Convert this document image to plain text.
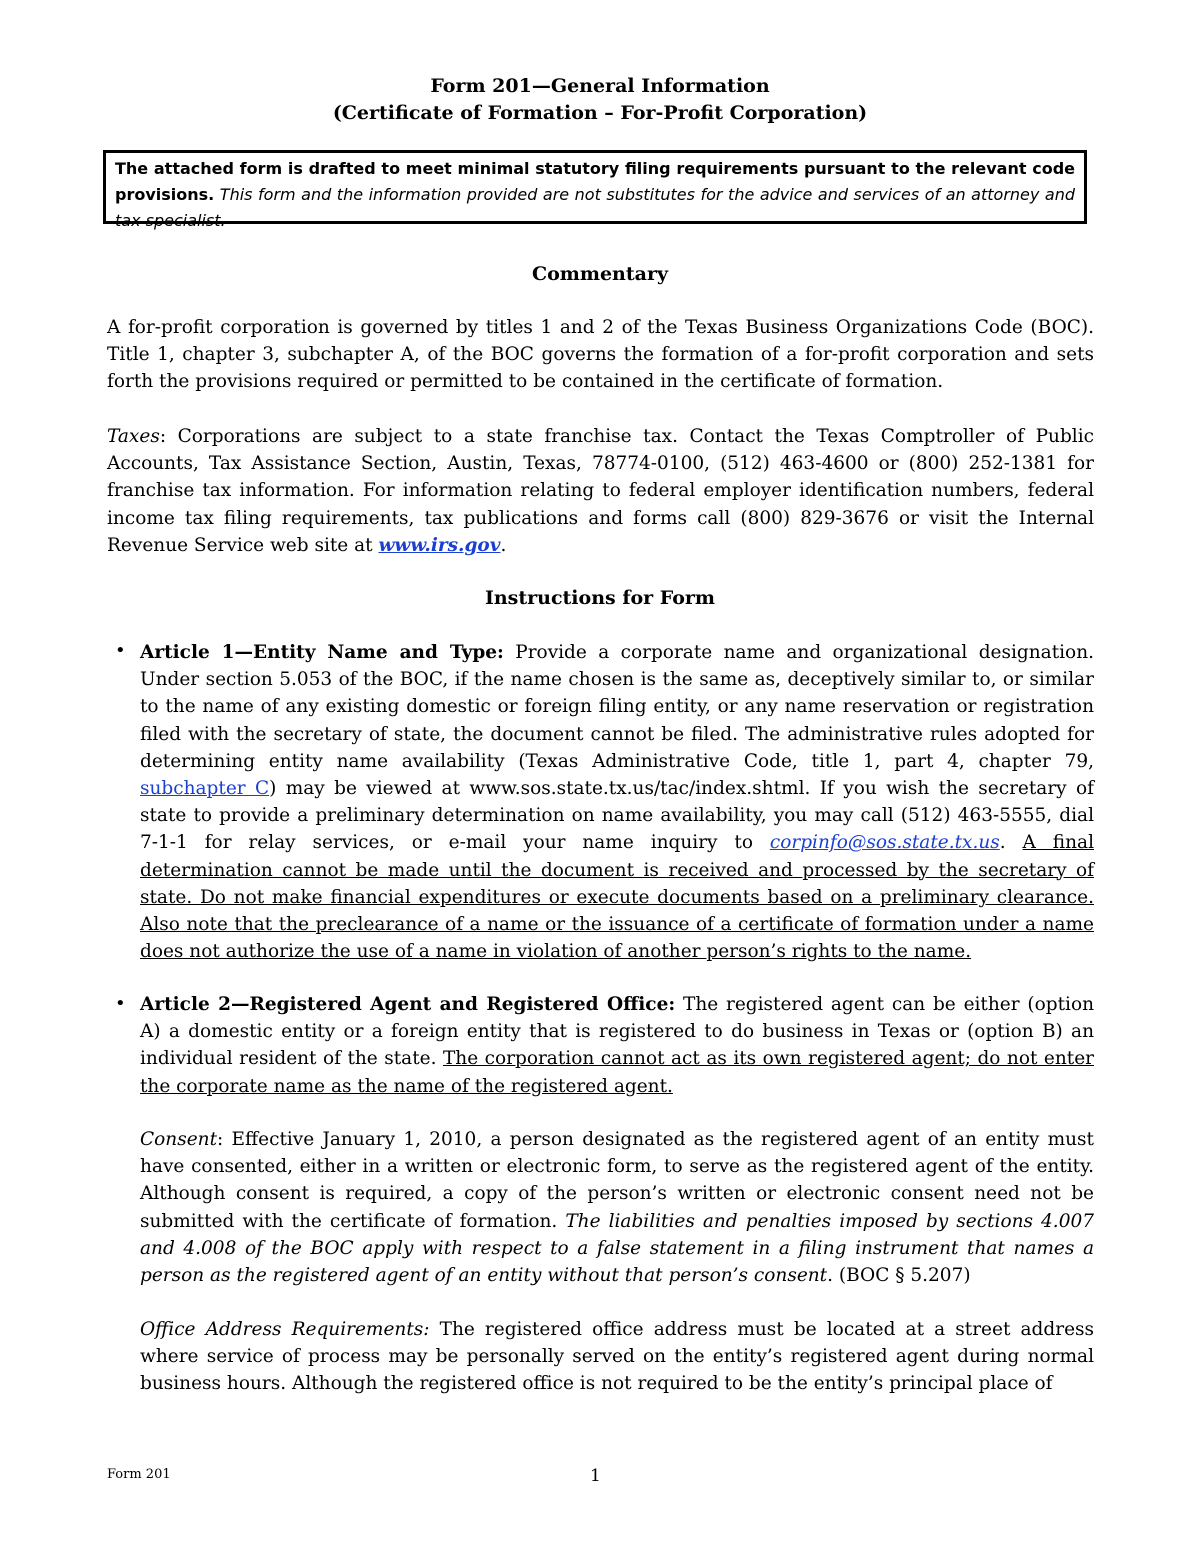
Form 201—General Information
(Certificate of Formation – For-Profit Corporation)
The attached form is drafted to meet minimal statutory filing requirements pursuant to the relevant code provisions. This form and the information provided are not substitutes for the advice and services of an attorney and tax specialist.
Commentary
A for-profit corporation is governed by titles 1 and 2 of the Texas Business Organizations Code (BOC). Title 1, chapter 3, subchapter A, of the BOC governs the formation of a for-profit corporation and sets forth the provisions required or permitted to be contained in the certificate of formation.
Taxes: Corporations are subject to a state franchise tax. Contact the Texas Comptroller of Public Accounts, Tax Assistance Section, Austin, Texas, 78774-0100, (512) 463-4600 or (800) 252-1381 for franchise tax information. For information relating to federal employer identification numbers, federal income tax filing requirements, tax publications and forms call (800) 829-3676 or visit the Internal Revenue Service web site at www.irs.gov.
Instructions for Form
• Article 1—Entity Name and Type: Provide a corporate name and organizational designation. Under section 5.053 of the BOC, if the name chosen is the same as, deceptively similar to, or similar to the name of any existing domestic or foreign filing entity, or any name reservation or registration filed with the secretary of state, the document cannot be filed. The administrative rules adopted for determining entity name availability (Texas Administrative Code, title 1, part 4, chapter 79, subchapter C) may be viewed at www.sos.state.tx.us/tac/index.shtml. If you wish the secretary of state to provide a preliminary determination on name availability, you may call (512) 463-5555, dial 7-1-1 for relay services, or e-mail your name inquiry to corpinfo@sos.state.tx.us. A final determination cannot be made until the document is received and processed by the secretary of state. Do not make financial expenditures or execute documents based on a preliminary clearance. Also note that the preclearance of a name or the issuance of a certificate of formation under a name does not authorize the use of a name in violation of another person’s rights to the name.
• Article 2—Registered Agent and Registered Office: The registered agent can be either (option A) a domestic entity or a foreign entity that is registered to do business in Texas or (option B) an individual resident of the state. The corporation cannot act as its own registered agent; do not enter the corporate name as the name of the registered agent.
Consent: Effective January 1, 2010, a person designated as the registered agent of an entity must have consented, either in a written or electronic form, to serve as the registered agent of the entity. Although consent is required, a copy of the person’s written or electronic consent need not be submitted with the certificate of formation. The liabilities and penalties imposed by sections 4.007 and 4.008 of the BOC apply with respect to a false statement in a filing instrument that names a person as the registered agent of an entity without that person’s consent. (BOC § 5.207)
Office Address Requirements: The registered office address must be located at a street address where service of process may be personally served on the entity’s registered agent during normal business hours. Although the registered office is not required to be the entity’s principal place of
Form 201	1
